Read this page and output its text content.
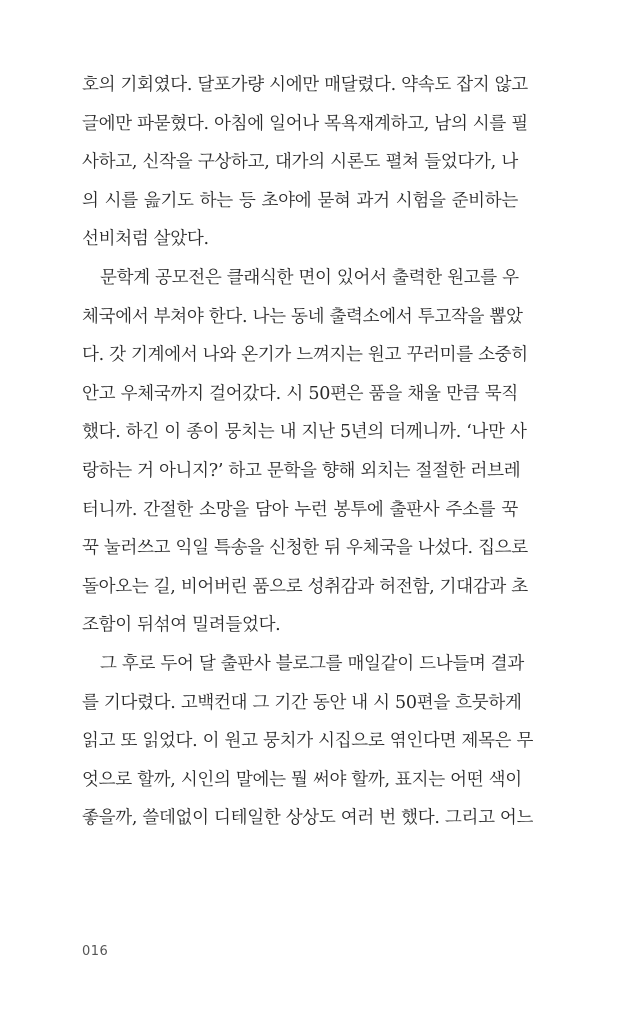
호의 기회였다. 달포가량 시에만 매달렸다. 약속도 잡지 않고
글에만 파묻혔다. 아침에 일어나 목욕재계하고, 남의 시를 필
사하고, 신작을 구상하고, 대가의 시론도 펼쳐 들었다가, 나
의 시를 읊기도 하는 등 초야에 묻혀 과거 시험을 준비하는
선비처럼 살았다.
문학계 공모전은 클래식한 면이 있어서 출력한 원고를 우
체국에서 부쳐야 한다. 나는 동네 출력소에서 투고작을 뽑았
다. 갓 기계에서 나와 온기가 느껴지는 원고 꾸러미를 소중히
안고 우체국까지 걸어갔다. 시 50편은 품을 채울 만큼 묵직
했다. 하긴 이 종이 뭉치는 내 지난 5년의 더께니까. ‘나만 사
랑하는 거 아니지?’ 하고 문학을 향해 외치는 절절한 러브레
터니까. 간절한 소망을 담아 누런 봉투에 출판사 주소를 꾹
꾹 눌러쓰고 익일 특송을 신청한 뒤 우체국을 나섰다. 집으로
돌아오는 길, 비어버린 품으로 성취감과 허전함, 기대감과 초
조함이 뒤섞여 밀려들었다.
그 후로 두어 달 출판사 블로그를 매일같이 드나들며 결과
를 기다렸다. 고백컨대 그 기간 동안 내 시 50편을 흐뭇하게
읽고 또 읽었다. 이 원고 뭉치가 시집으로 엮인다면 제목은 무
엇으로 할까, 시인의 말에는 뭘 써야 할까, 표지는 어떤 색이
좋을까, 쓸데없이 디테일한 상상도 여러 번 했다. 그리고 어느
016
